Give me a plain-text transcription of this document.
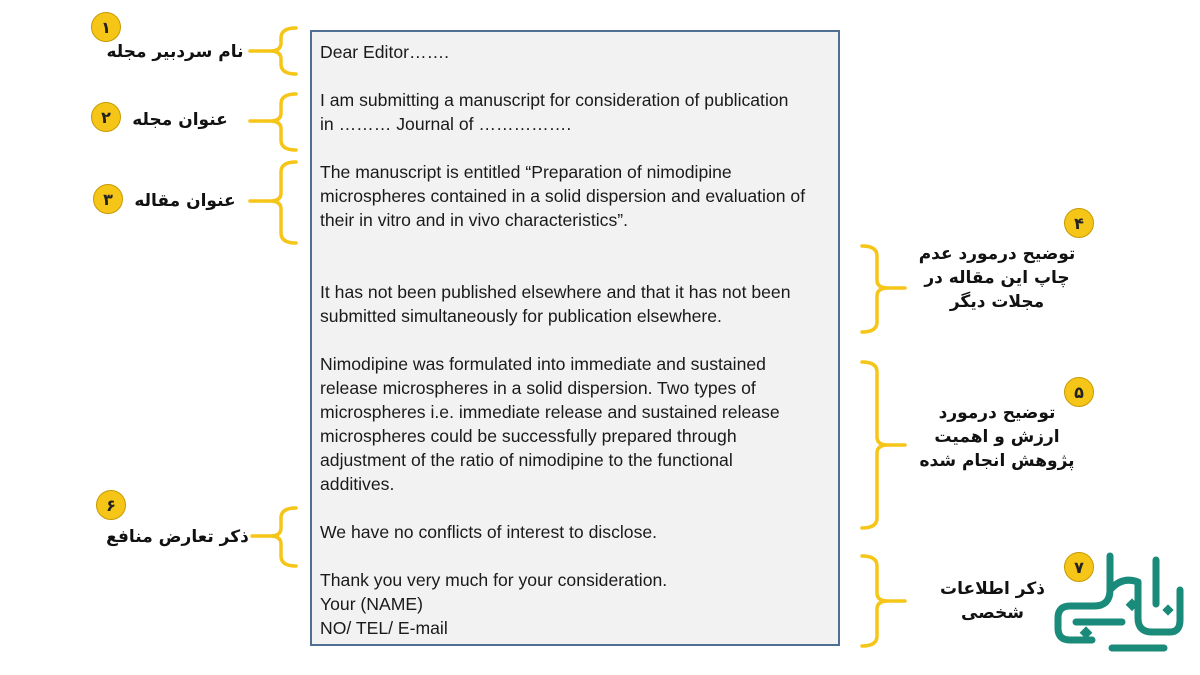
Dear Editor…….

I am submitting a manuscript for consideration of publication
in ……… Journal of …………….

The manuscript is entitled “Preparation of nimodipine
microspheres contained in a solid dispersion and evaluation of
their in vitro and in vivo characteristics”.

It has not been published elsewhere and that it has not been
submitted simultaneously for publication elsewhere.

Nimodipine was formulated into immediate and sustained
release microspheres in a solid dispersion. Two types of
microspheres i.e. immediate release and sustained release
microspheres could be successfully prepared through
adjustment of the ratio of nimodipine to the functional
additives.

We have no conflicts of interest to disclose.

Thank you very much for your consideration.
Your (NAME)
NO/ TEL/ E-mail

۱
۲
۳
۴
۵
۶
۷
نام سردبیر مجله
عنوان مجله
عنوان مقاله
توضیح درمورد عدم
چاپ این مقاله در
مجلات دیگر
توضیح درمورد
ارزش و اهمیت
پژوهش انجام شده
ذکر تعارض منافع
ذکر اطلاعات
شخصی
